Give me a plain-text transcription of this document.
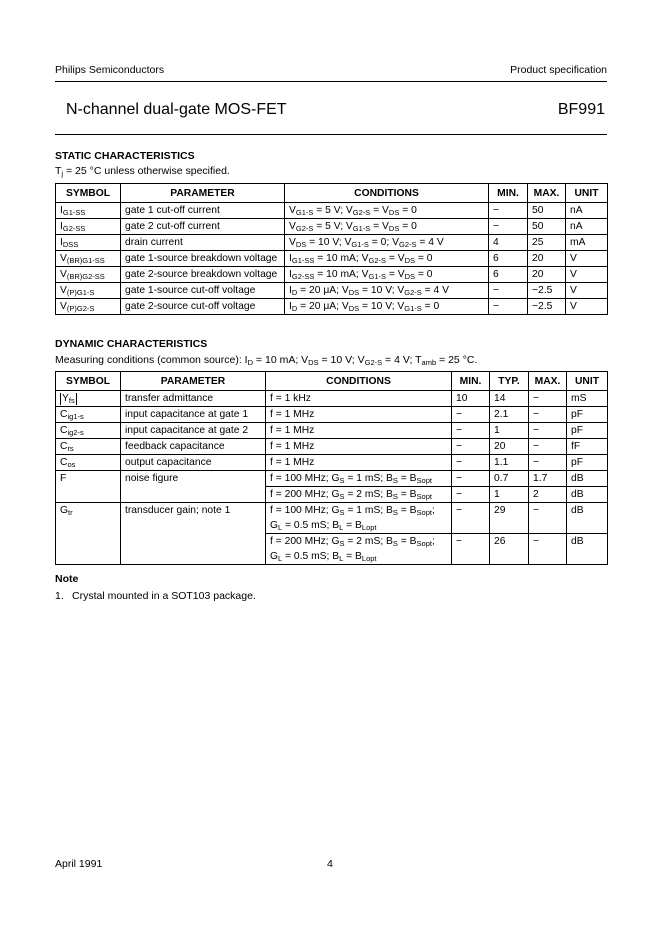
Philips Semiconductors	Product specification
N-channel dual-gate MOS-FET	BF991
STATIC CHARACTERISTICS
$T_j = 25$ °C unless otherwise specified.
SYMBOL	PARAMETER	CONDITIONS	MIN.	MAX.	UNIT
$I_{G1-SS}$	gate 1 cut-off current	$V_{G1-S} = 5$ V; $V_{G2-S} = V_{DS} = 0$	−	50	nA
$I_{G2-SS}$	gate 2 cut-off current	$V_{G2-S} = 5$ V; $V_{G1-S} = V_{DS} = 0$	−	50	nA
$I_{DSS}$	drain current	$V_{DS} = 10$ V; $V_{G1-S} = 0$; $V_{G2-S} = 4$ V	4	25	mA
$V_{(BR)G1-SS}$	gate 1-source breakdown voltage	$I_{G1-SS} = 10$ mA; $V_{G2-S} = V_{DS} = 0$	6	20	V
$V_{(BR)G2-SS}$	gate 2-source breakdown voltage	$I_{G2-SS} = 10$ mA; $V_{G1-S} = V_{DS} = 0$	6	20	V
$V_{(P)G1-S}$	gate 1-source cut-off voltage	$I_D = 20$ μA; $V_{DS} = 10$ V; $V_{G2-S} = 4$ V	−	−2.5	V
$V_{(P)G2-S}$	gate 2-source cut-off voltage	$I_D = 20$ μA; $V_{DS} = 10$ V; $V_{G1-S} = 0$	−	−2.5	V
DYNAMIC CHARACTERISTICS
Measuring conditions (common source): $I_D = 10$ mA; $V_{DS} = 10$ V; $V_{G2-S} = 4$ V; $T_{amb} = 25$ °C.
SYMBOL	PARAMETER	CONDITIONS	MIN.	TYP.	MAX.	UNIT
$Y_{fs}$	transfer admittance	f = 1 kHz	10	14	−	mS
$C_{ig1-s}$	input capacitance at gate 1	f = 1 MHz	−	2.1	−	pF
$C_{ig2-s}$	input capacitance at gate 2	f = 1 MHz	−	1	−	pF
$C_{rs}$	feedback capacitance	f = 1 MHz	−	20	−	fF
$C_{os}$	output capacitance	f = 1 MHz	−	1.1	−	pF
F	noise figure	f = 100 MHz; $G_S = 1$ mS; $B_S = B_{Sopt}$	−	0.7	1.7	dB
		f = 200 MHz; $G_S = 2$ mS; $B_S = B_{Sopt}$	−	1	2	dB
$G_{tr}$	transducer gain; note 1	f = 100 MHz; $G_S = 1$ mS; $B_S = B_{Sopt}$;
$G_L = 0.5$ mS; $B_L = B_{Lopt}$	−	29	−	dB
		f = 200 MHz; $G_S = 2$ mS; $B_S = B_{Sopt}$;
$G_L = 0.5$ mS; $B_L = B_{Lopt}$	−	26	−	dB
Note
1. Crystal mounted in a SOT103 package.
April 1991	4
